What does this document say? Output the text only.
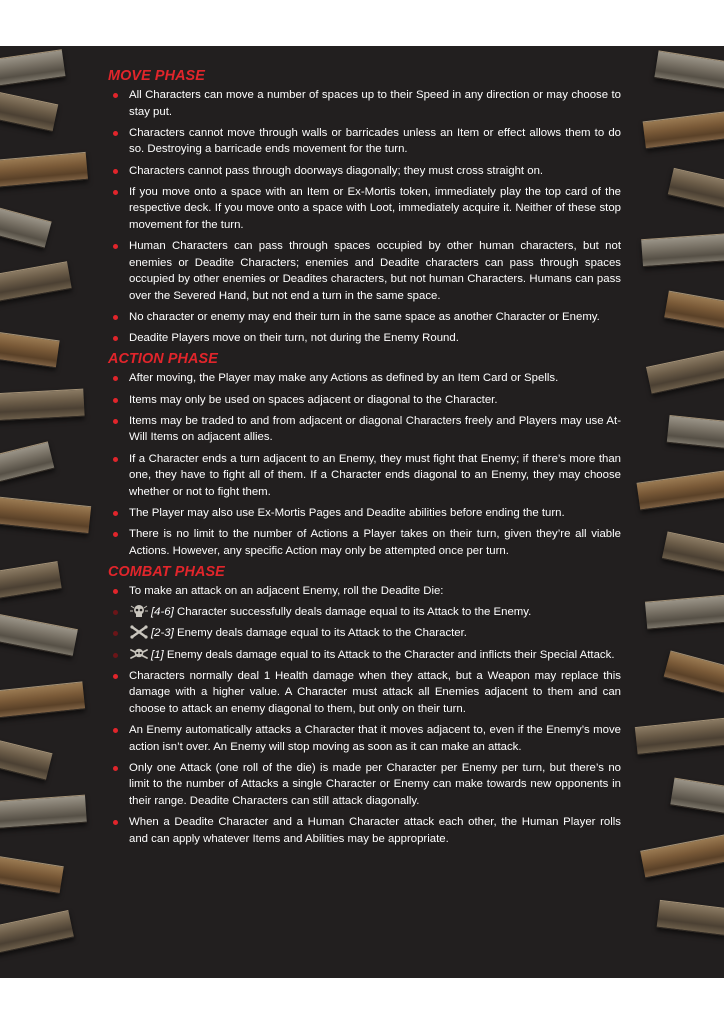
MOVE PHASE
All Characters can move a number of spaces up to their Speed in any direction or may choose to stay put.
Characters cannot move through walls or barricades unless an Item or effect allows them to do so. Destroying a barricade ends movement for the turn.
Characters cannot pass through doorways diagonally; they must cross straight on.
If you move onto a space with an Item or Ex-Mortis token, immediately play the top card of the respective deck. If you move onto a space with Loot, immediately acquire it. Neither of these stop movement for the turn.
Human Characters can pass through spaces occupied by other human characters, but not enemies or Deadite Characters; enemies and Deadite characters can pass through spaces occupied by other enemies or Deadites characters, but not human Characters. Humans can pass over the Severed Hand, but not end a turn in the same space.
No character or enemy may end their turn in the same space as another Character or Enemy.
Deadite Players move on their turn, not during the Enemy Round.
ACTION PHASE
After moving, the Player may make any Actions as defined by an Item Card or Spells.
Items may only be used on spaces adjacent or diagonal to the Character.
Items may be traded to and from adjacent or diagonal Characters freely and Players may use At-Will Items on adjacent allies.
If a Character ends a turn adjacent to an Enemy, they must fight that Enemy; if there’s more than one, they have to fight all of them. If a Character ends diagonal to an Enemy, they may choose whether or not to fight them.
The Player may also use Ex-Mortis Pages and Deadite abilities before ending the turn.
There is no limit to the number of Actions a Player takes on their turn, given they’re all viable Actions. However, any specific Action may only be attempted once per turn.
COMBAT PHASE
To make an attack on an adjacent Enemy, roll the Deadite Die:
[4-6] Character successfully deals damage equal to its Attack to the Enemy.
[2-3] Enemy deals damage equal to its Attack to the Character.
[1] Enemy deals damage equal to its Attack to the Character and inflicts their Special Attack.
Characters normally deal 1 Health damage when they attack, but a Weapon may replace this damage with a higher value. A Character must attack all Enemies adjacent to them and can choose to attack an enemy diagonal to them, but only on their turn.
An Enemy automatically attacks a Character that it moves adjacent to, even if the Enemy’s move action isn’t over. An Enemy will stop moving as soon as it can make an attack.
Only one Attack (one roll of the die) is made per Character per Enemy per turn, but there’s no limit to the number of Attacks a single Character or Enemy can make towards new opponents in their range. Deadite Characters can still attack diagonally.
When a Deadite Character and a Human Character attack each other, the Human Player rolls and can apply whatever Items and Abilities may be appropriate.
